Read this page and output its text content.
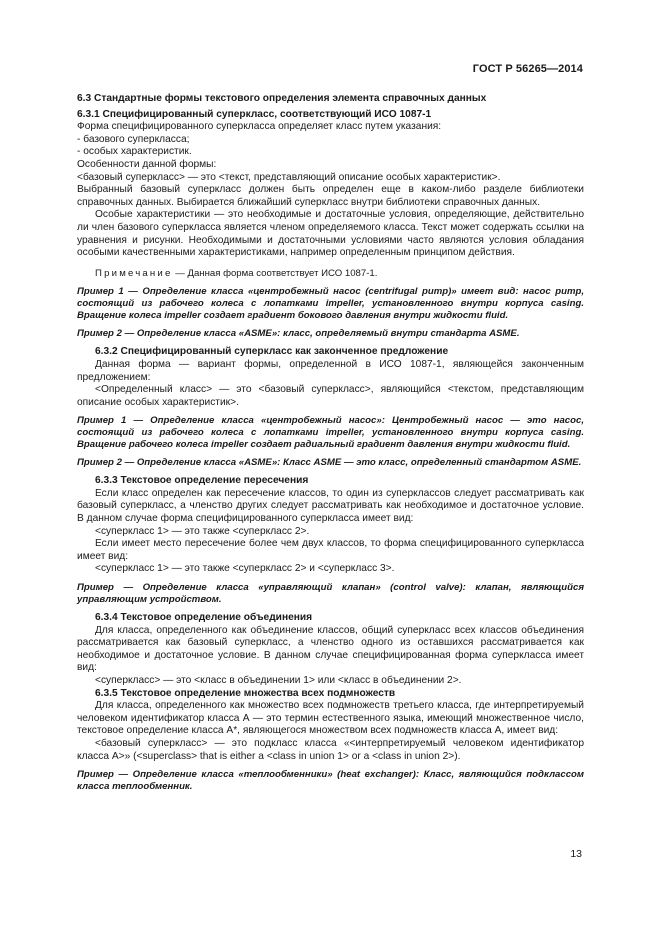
ГОСТ Р 56265—2014

6.3 Стандартные формы текстового определения элемента справочных данных

6.3.1 Специфицированный суперкласс, соответствующий ИСО 1087-1

Форма специфицированного суперкласса определяет класс путем указания:

- базового суперкласса;

- особых характеристик.

Особенности данной формы:

<базовый суперкласс> — это <текст, представляющий описание особых характеристик>.

Выбранный базовый суперкласс должен быть определен еще в каком-либо разделе библиотеки справочных данных. Выбирается ближайший суперкласс внутри библиотеки справочных данных.

Особые характеристики — это необходимые и достаточные условия, определяющие, действительно ли член базового суперкласса является членом определяемого класса. Текст может содержать ссылки на уравнения и рисунки. Необходимыми и достаточными условиями часто являются условия обладания особыми качественными характеристиками, например определенным принципом действия.

Примечание — Данная форма соответствует ИСО 1087-1.

Пример 1 — Определение класса «центробежный насос (centrifugal pump)» имеет вид: насос pump, состоящий из рабочего колеса с лопатками impeller, установленного внутри корпуса casing. Вращение колеса impeller создает градиент бокового давления внутри жидкости fluid.

Пример 2 — Определение класса «ASME»: класс, определяемый внутри стандарта ASME.

6.3.2 Специфицированный суперкласс как законченное предложение

Данная форма — вариант формы, определенной в ИСО 1087-1, являющейся законченным предложением:

<Определенный класс> — это <базовый суперкласс>, являющийся <текстом, представляющим описание особых характеристик>.

Пример 1 — Определение класса «центробежный насос»: Центробежный насос — это насос, состоящий из рабочего колеса с лопатками impeller, установленного внутри корпуса casing. Вращение рабочего колеса impeller создает радиальный градиент давления внутри жидкости fluid.

Пример 2 — Определение класса «ASME»: Класс ASME — это класс, определенный стандартом ASME.

6.3.3 Текстовое определение пересечения

Если класс определен как пересечение классов, то один из суперклассов следует рассматривать как базовый суперкласс, а членство других следует рассматривать как необходимое и достаточное условие. В данном случае форма специфицированного суперкласса имеет вид:

<суперкласс 1> — это также <суперкласс 2>.

Если имеет место пересечение более чем двух классов, то форма специфицированного суперкласса имеет вид:

<суперкласс 1> — это также <суперкласс 2> и <суперкласс 3>.

Пример — Определение класса «управляющий клапан» (control valve): клапан, являющийся управляющим устройством.

6.3.4 Текстовое определение объединения

Для класса, определенного как объединение классов, общий суперкласс всех классов объединения рассматривается как базовый суперкласс, а членство одного из оставшихся рассматривается как необходимое и достаточное условие. В данном случае специфицированная форма суперкласса имеет вид:

<суперкласс> — это <класс в объединении 1> или <класс в объединении 2>.

6.3.5 Текстовое определение множества всех подмножеств

Для класса, определенного как множество всех подмножеств третьего класса, где интерпретируемый человеком идентификатор класса А — это термин естественного языка, имеющий множественное число, текстовое определение класса А*, являющегося множеством всех подмножеств класса А, имеет вид:

<базовый суперкласс> — это подкласс класса «<интерпретируемый человеком идентификатор класса А>» (<superclass> that is either a <class in union 1> or a <class in union 2>).

Пример — Определение класса «теплообменники» (heat exchanger): Класс, являющийся подклассом класса теплообменник.

13
